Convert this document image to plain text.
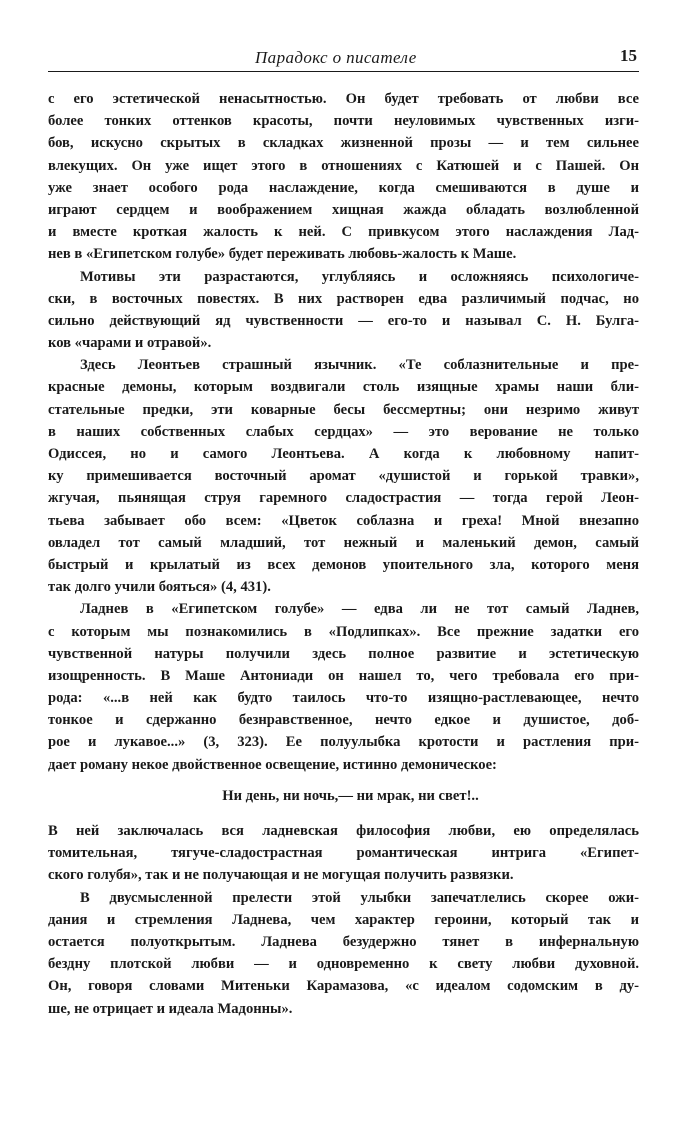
Парадокс о писателе	15
с его эстетической ненасытностью. Он будет требовать от любви все
более тонких оттенков красоты, почти неуловимых чувственных изги-
бов, искусно скрытых в складках жизненной прозы — и тем сильнее
влекущих. Он уже ищет этого в отношениях с Катюшей и с Пашей. Он
уже знает особого рода наслаждение, когда смешиваются в душе и
играют сердцем и воображением хищная жажда обладать возлюбленной
и вместе кроткая жалость к ней. С привкусом этого наслаждения Лад-
нев в «Египетском голубе» будет переживать любовь-жалость к Маше.
Мотивы эти разрастаются, углубляясь и осложняясь психологиче-
ски, в восточных повестях. В них растворен едва различимый подчас, но
сильно действующий яд чувственности — его-то и называл С. Н. Булга-
ков «чарами и отравой».
Здесь Леонтьев страшный язычник. «Те соблазнительные и пре-
красные демоны, которым воздвигали столь изящные храмы наши бли-
стательные предки, эти коварные бесы бессмертны; они незримо живут
в наших собственных слабых сердцах» — это верование не только
Одиссея, но и самого Леонтьева. А когда к любовному напит-
ку примешивается восточный аромат «душистой и горькой травки»,
жгучая, пьянящая струя гаремного сладострастия — тогда герой Леон-
тьева забывает обо всем: «Цветок соблазна и греха! Мной внезапно
овладел тот самый младший, тот нежный и маленький демон, самый
быстрый и крылатый из всех демонов упоительного зла, которого меня
так долго учили бояться» (4, 431).
Ладнев в «Египетском голубе» — едва ли не тот самый Ладнев,
с которым мы познакомились в «Подлипках». Все прежние задатки его
чувственной натуры получили здесь полное развитие и эстетическую
изощренность. В Маше Антониади он нашел то, чего требовала его при-
рода: «...в ней как будто таилось что-то изящно-растлевающее, нечто
тонкое и сдержанно безнравственное, нечто едкое и душистое, доб-
рое и лукавое...» (3, 323). Ее полуулыбка кротости и растления при-
дает роману некое двойственное освещение, истинно демоническое:
Ни день, ни ночь,— ни мрак, ни свет!..
В ней заключалась вся ладневская философия любви, ею определялась
томительная, тягуче-сладострастная романтическая интрига «Египет-
ского голубя», так и не получающая и не могущая получить развязки.
В двусмысленной прелести этой улыбки запечатлелись скорее ожи-
дания и стремления Ладнева, чем характер героини, который так и
остается полуоткрытым. Ладнева безудержно тянет в инфернальную
бездну плотской любви — и одновременно к свету любви духовной.
Он, говоря словами Митеньки Карамазова, «с идеалом содомским в ду-
ше, не отрицает и идеала Мадонны».
